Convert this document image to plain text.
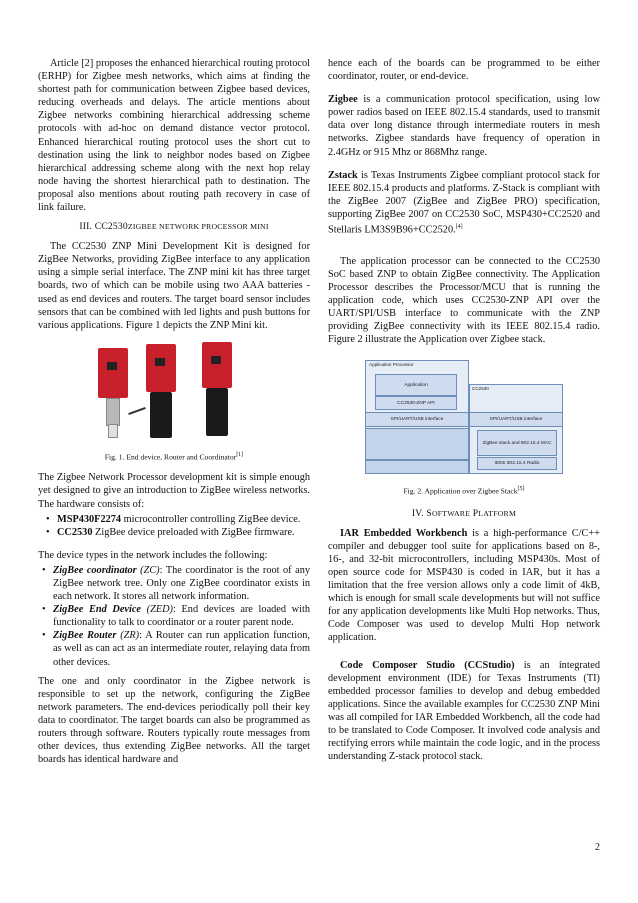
Article [2] proposes the enhanced hierarchical routing protocol (ERHP) for Zigbee mesh networks, which aims at finding the shortest path for communication between Zigbee based devices, reducing overheads and delays. The article mentions about Zigbee networks combining hierarchical addressing scheme protocols with ad-hoc on demand distance vector protocol. Enhanced hierarchical routing protocol uses the short cut to destination using the link to neighbor nodes based on Zigbee hierarchical addressing scheme along with the next hop relay node having the shortest hierarchical path to destination. The proposal also mentions about routing path recovery in case of link failure.

III. CC2530ZIGBEE NETWORK PROCESSOR MINI

The CC2530 ZNP Mini Development Kit is designed for ZigBee Networks, providing ZigBee interface to any application using a simple serial interface. The ZNP mini kit has three target boards, two of which can be mobile using two AAA batteries - used as end devices and routers. The target board sensor includes sensors that can be combined with led lights and push buttons for various applications. Figure 1 depicts the ZNP Mini kit.

Fig. 1. End device, Router and Coordinator[1]

The Zigbee Network Processor development kit is simple enough yet designed to give an introduction to ZigBee wireless networks. The hardware consists of:

• MSP430F2274 microcontroller controlling ZigBee device.
• CC2530 ZigBee device preloaded with ZigBee firmware.

The device types in the network includes the following:

• ZigBee coordinator (ZC): The coordinator is the root of any ZigBee network tree. Only one ZigBee coordinator exists in each network. It stores all network information.
• ZigBee End Device (ZED): End devices are loaded with functionality to talk to coordinator or a router parent node.
• ZigBee Router (ZR): A Router can run application function, as well as can act as an intermediate router, relaying data from other devices.

The one and only coordinator in the Zigbee network is responsible to set up the network, configuring the ZigBee network parameters. The end-devices periodically poll their key data to coordinator. The target boards can also be programmed as routers through software. Routers typically route messages from other devices, thus extending ZigBee networks. All the target boards has identical hardware and

hence each of the boards can be programmed to be either coordinator, router, or end-device.

Zigbee is a communication protocol specification, using low power radios based on IEEE 802.15.4 standards, used to transmit data over long distance through intermediate routers in mesh networks. Zigbee standards have frequency of operation in 2.4GHz or 915 Mhz or 868Mhz range.

Zstack is Texas Instruments Zigbee compliant protocol stack for IEEE 802.15.4 products and platforms. Z-Stack is compliant with the ZigBee 2007 (ZigBee and ZigBee PRO) specification, supporting ZigBee 2007 on CC2530 SoC, MSP430+CC2520 and Stellaris LM3S9B96+CC2520.[4]

The application processor can be connected to the CC2530 SoC based ZNP to obtain ZigBee connectivity. The Application Processor describes the Processor/MCU that is running the application code, which uses CC2530-ZNP API over the UART/SPI/USB interface to communicate with the ZNP providing ZigBee connectivity with its IEEE 802.15.4 radio. Figure 2 illustrate the Application over Zigbee stack.

Application Processor
Application
CC2530-ZNP API
SPI/UART/USB interface
CC2530
SPI/UART/USB interface
ZigBee stack and 802.15.4 MAC
IEEE 802.15.4 Radio
Fig. 2. Application over Zigbee Stack[5]
IV. SOFTWARE PLATFORM

IAR Embedded Workbench is a high-performance C/C++ compiler and debugger tool suite for applications based on 8-, 16-, and 32-bit microcontrollers, including MSP430s. Most of open source code for MSP430 is coded in IAR, but it has a limitation that the free version allows only a code limit of 4kB, which is enough for small scale developments but will not suffice for any application developments like Multi Hop networks. Thus, Code Composer was used to develop Multi Hop network application.

Code Composer Studio (CCStudio) is an integrated development environment (IDE) for Texas Instruments (TI) embedded processor families to develop and debug embedded applications. Since the available examples for CC2530 ZNP Mini was all compiled for IAR Embedded Workbench, all the code had to be translated to Code Composer. It involved code analysis and rectifying errors while maintain the code logic, and in the process understanding Z-stack protocol stack.

2
